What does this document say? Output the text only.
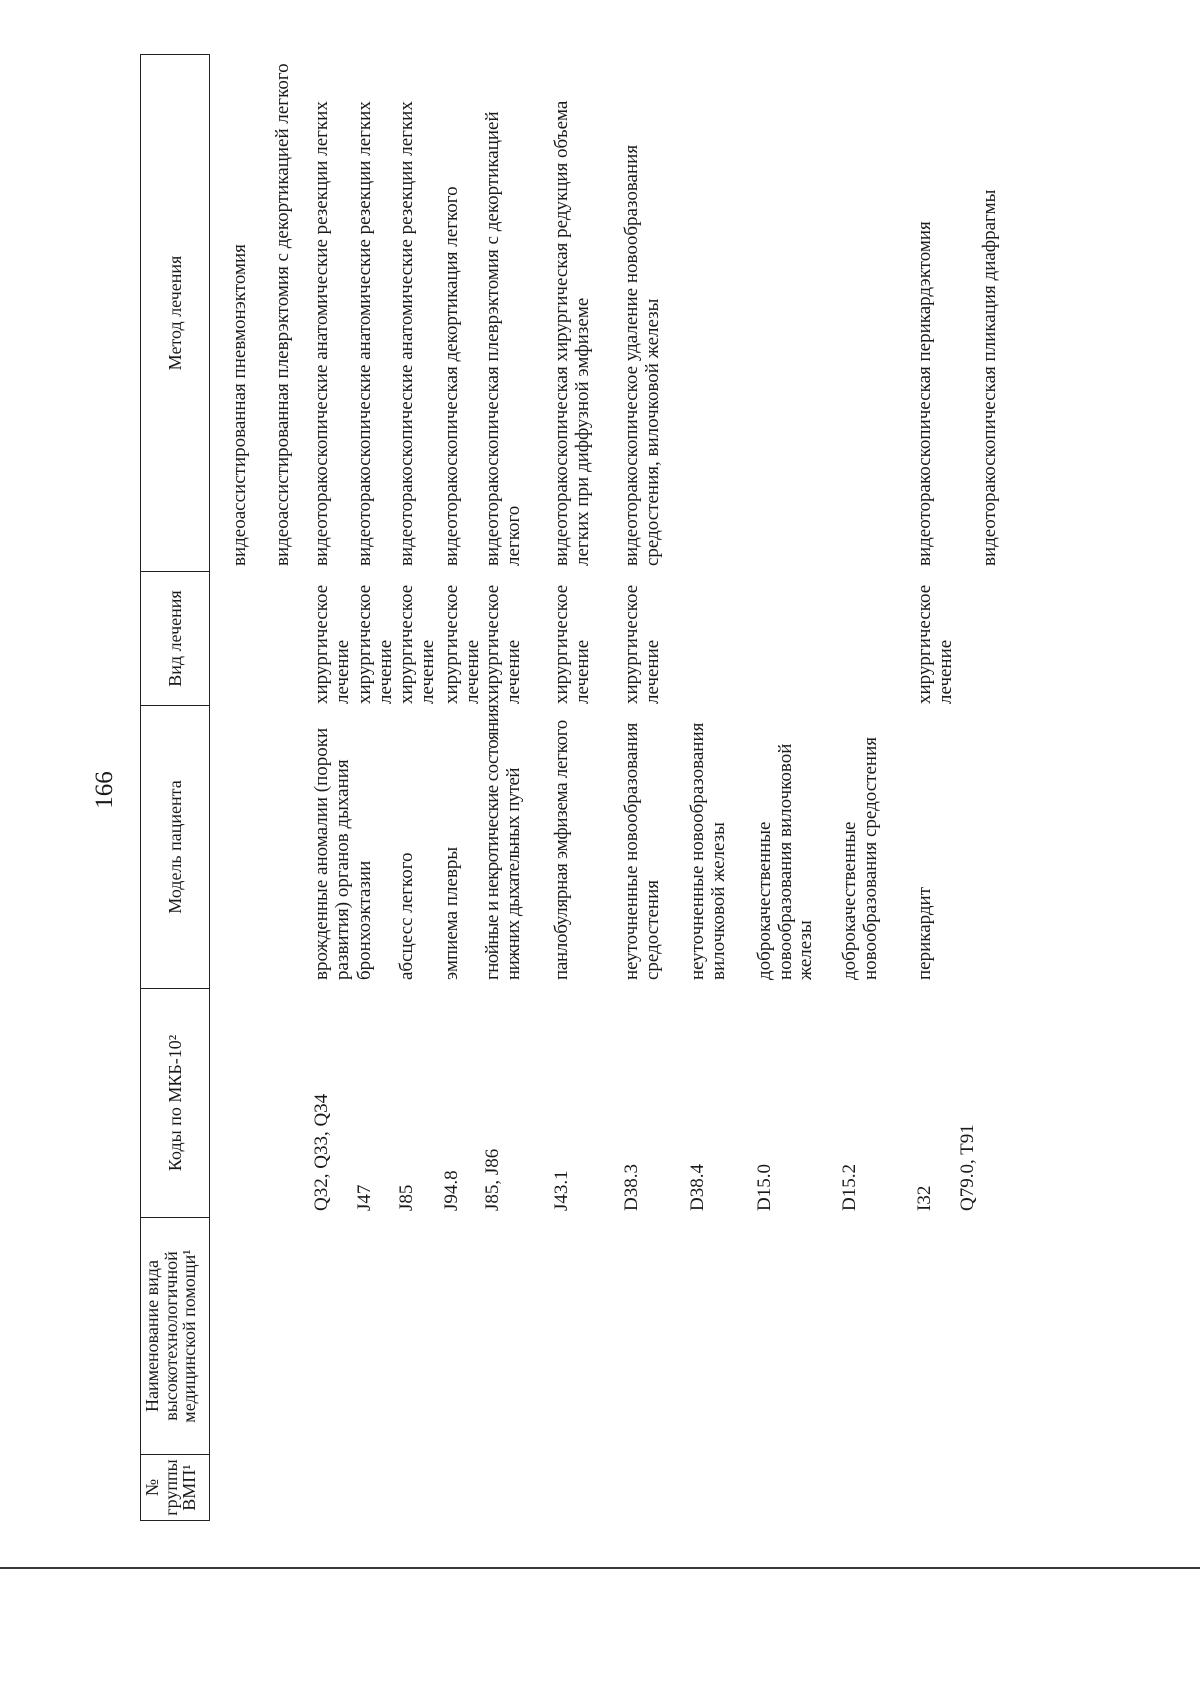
166
№
группы
ВМП¹
Наименование вида
высокотехнологичной
медицинской помощи¹
Коды по МКБ-10²
Модель пациента
Вид лечения
Метод лечения	видеоассистированная пневмонэктомия видеоассистированная плеврэктомия с декортикацией легкого
Q32, Q33, Q34
врожденные аномалии (пороки
развития) органов дыхания
хирургическое
лечение
видеоторакоскопические анатомические резекции легких
J47
бронхоэктазии
хирургическое
лечение
видеоторакоскопические анатомические резекции легких
J85
абсцесс легкого
хирургическое
лечение
видеоторакоскопические анатомические резекции легких
J94.8
эмпиема плевры
хирургическое
лечение
видеоторакоскопическая декортикация легкого
J85, J86
гнойные и некротические состояния
нижних дыхательных путей
хирургическое
лечение
видеоторакоскопическая плеврэктомия с декортикацией
легкого
J43.1
панлобулярная эмфизема легкого
хирургическое
лечение
видеоторакоскопическая хирургическая редукция объема
легких при диффузной эмфиземе
D38.3
неуточненные новообразования
средостения
хирургическое
лечение
видеоторакоскопическое удаление новообразования
средостения, вилочковой железы
D38.4
неуточненные новообразования
вилочковой железы
D15.0
доброкачественные
новообразования вилочковой
железы
D15.2
доброкачественные
новообразования средостения
I32
перикардит
хирургическое
лечение
видеоторакоскопическая перикардэктомия
Q79.0, T91
видеоторакоскопическая пликация диафрагмы
